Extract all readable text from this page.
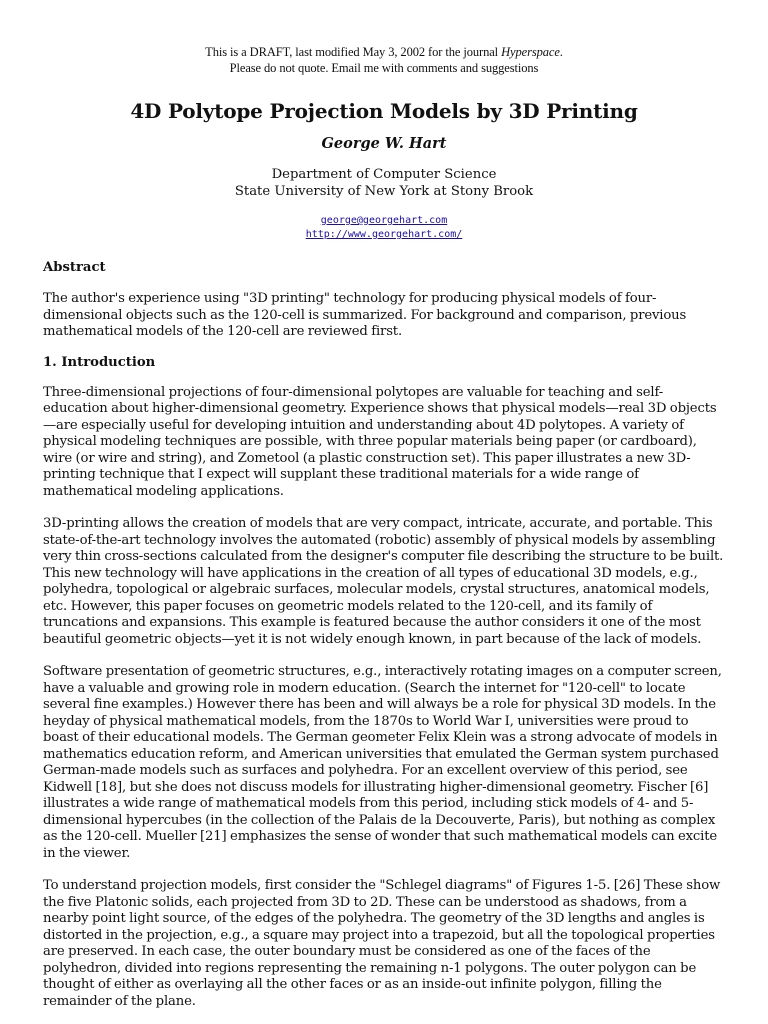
This is a DRAFT, last modified May 3, 2002 for the journal Hyperspace.
Please do not quote. Email me with comments and suggestions
4D Polytope Projection Models by 3D Printing
George W. Hart
Department of Computer Science
State University of New York at Stony Brook
george@georgehart.com
http://www.georgehart.com/
Abstract

The author's experience using "3D printing" technology for producing physical models of four-dimensional objects such as the 120-cell is summarized. For background and comparison, previous mathematical models of the 120-cell are reviewed first.

1. Introduction

Three-dimensional projections of four-dimensional polytopes are valuable for teaching and self-education about higher-dimensional geometry. Experience shows that physical models—real 3D objects—are especially useful for developing intuition and understanding about 4D polytopes. A variety of physical modeling techniques are possible, with three popular materials being paper (or cardboard), wire (or wire and string), and Zometool (a plastic construction set). This paper illustrates a new 3D-printing technique that I expect will supplant these traditional materials for a wide range of mathematical modeling applications.

3D-printing allows the creation of models that are very compact, intricate, accurate, and portable. This state-of-the-art technology involves the automated (robotic) assembly of physical models by assembling very thin cross-sections calculated from the designer's computer file describing the structure to be built. This new technology will have applications in the creation of all types of educational 3D models, e.g., polyhedra, topological or algebraic surfaces, molecular models, crystal structures, anatomical models, etc. However, this paper focuses on geometric models related to the 120-cell, and its family of truncations and expansions. This example is featured because the author considers it one of the most beautiful geometric objects—yet it is not widely enough known, in part because of the lack of models.

Software presentation of geometric structures, e.g., interactively rotating images on a computer screen, have a valuable and growing role in modern education. (Search the internet for "120-cell" to locate several fine examples.) However there has been and will always be a role for physical 3D models. In the heyday of physical mathematical models, from the 1870s to World War I, universities were proud to boast of their educational models. The German geometer Felix Klein was a strong advocate of models in mathematics education reform, and American universities that emulated the German system purchased German-made models such as surfaces and polyhedra. For an excellent overview of this period, see Kidwell [18], but she does not discuss models for illustrating higher-dimensional geometry. Fischer [6] illustrates a wide range of mathematical models from this period, including stick models of 4- and 5-dimensional hypercubes (in the collection of the Palais de la Decouverte, Paris), but nothing as complex as the 120-cell. Mueller [21] emphasizes the sense of wonder that such mathematical models can excite in the viewer.

To understand projection models, first consider the "Schlegel diagrams" of Figures 1-5. [26] These show the five Platonic solids, each projected from 3D to 2D. These can be understood as shadows, from a nearby point light source, of the edges of the polyhedra. The geometry of the 3D lengths and angles is distorted in the projection, e.g., a square may project into a trapezoid, but all the topological properties are preserved. In each case, the outer boundary must be considered as one of the faces of the polyhedron, divided into regions representing the remaining n-1 polygons. The outer polygon can be thought of either as overlaying all the other faces or as an inside-out infinite polygon, filling the remainder of the plane.
